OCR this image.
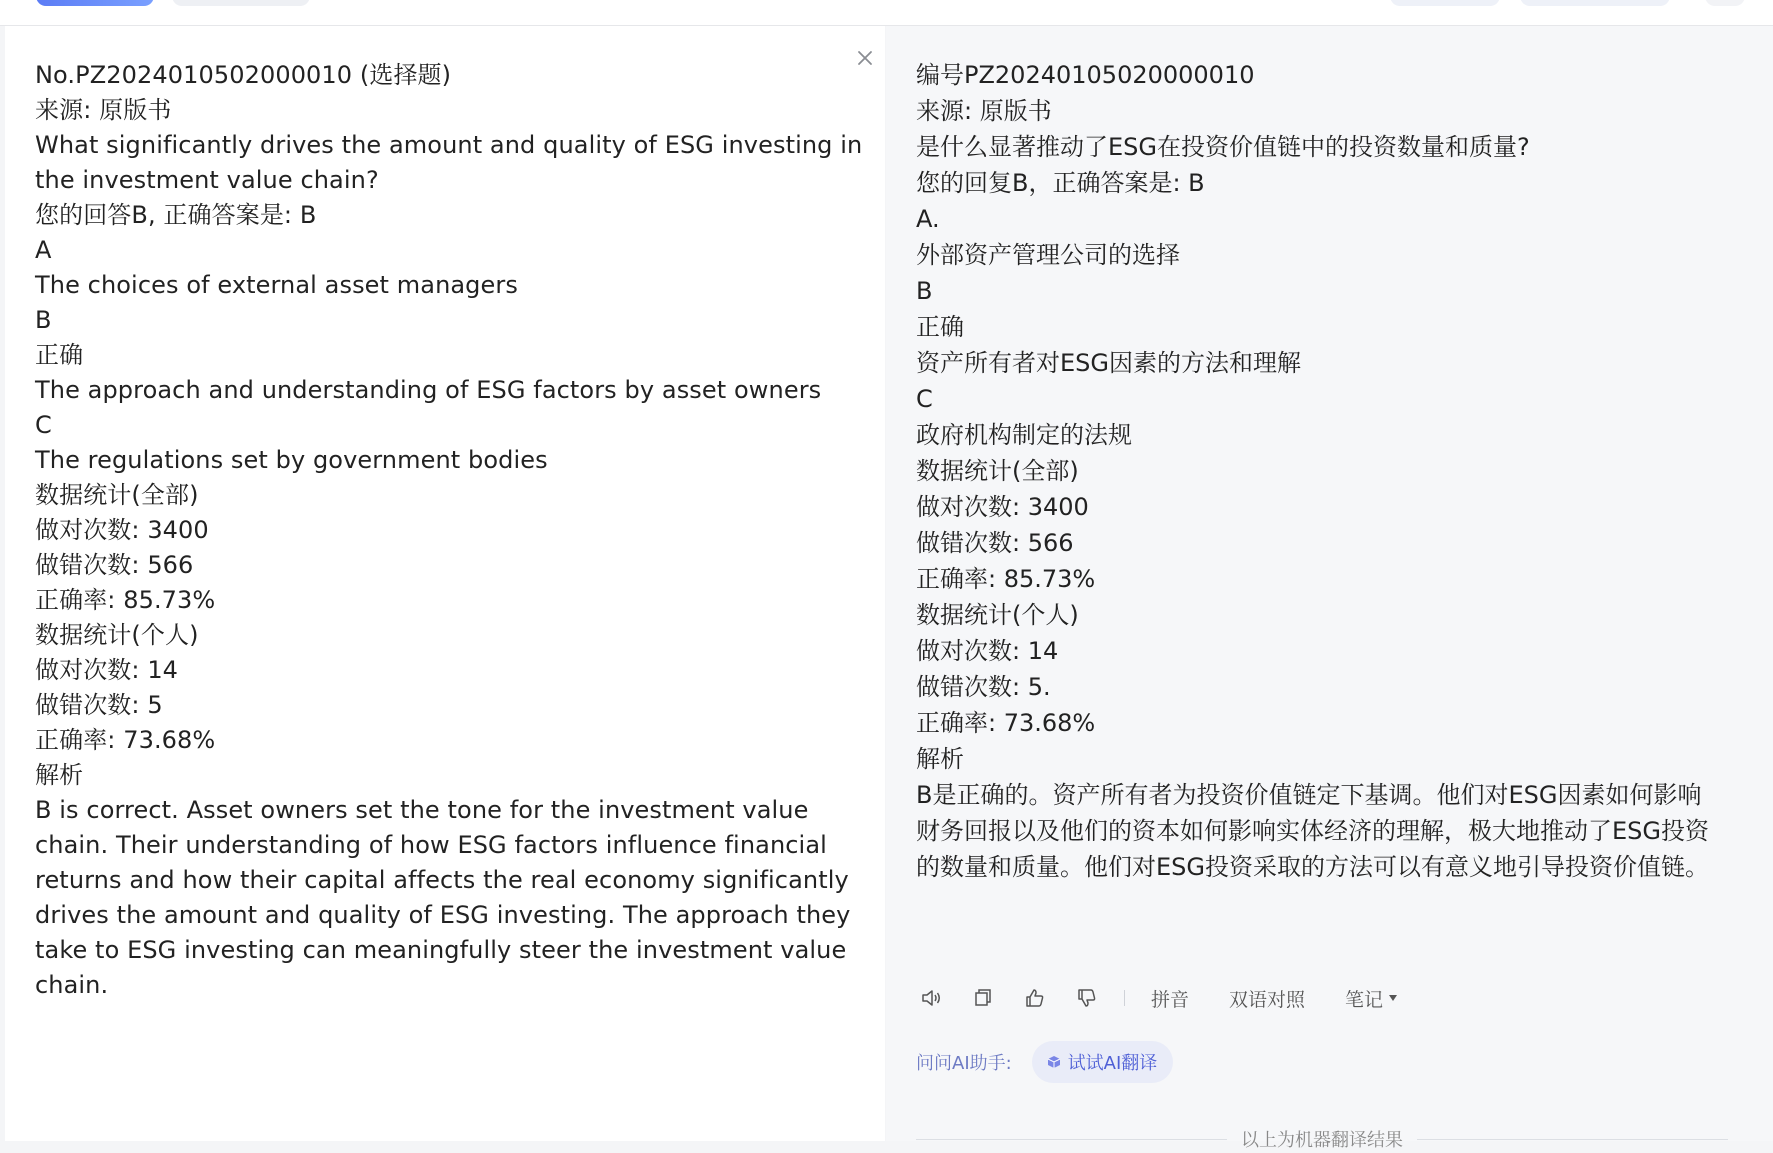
No.PZ2024010502000010 (选择题)
来源: 原版书
What significantly drives the amount and quality of ESG investing in the investment value chain?
您的回答B, 正确答案是: B
A
The choices of external asset managers
B
正确
The approach and understanding of ESG factors by asset owners
C
The regulations set by government bodies
数据统计(全部)
做对次数: 3400
做错次数: 566
正确率: 85.73%
数据统计(个人)
做对次数: 14
做错次数: 5
正确率: 73.68%
解析
B is correct. Asset owners set the tone for the investment value chain. Their understanding of how ESG factors influence financial returns and how their capital affects the real economy significantly drives the amount and quality of ESG investing. The approach they take to ESG investing can meaningfully steer the investment value chain.
编号PZ20240105020000010
来源: 原版书
是什么显著推动了ESG在投资价值链中的投资数量和质量?
您的回复B，正确答案是: B
A.
外部资产管理公司的选择
B
正确
资产所有者对ESG因素的方法和理解
C
政府机构制定的法规
数据统计(全部)
做对次数: 3400
做错次数: 566
正确率: 85.73%
数据统计(个人)
做对次数: 14
做错次数: 5.
正确率: 73.68%
解析
B是正确的。资产所有者为投资价值链定下基调。他们对ESG因素如何影响财务回报以及他们的资本如何影响实体经济的理解，极大地推动了ESG投资的数量和质量。他们对ESG投资采取的方法可以有意义地引导投资价值链。
拼音 双语对照 笔记
问问AI助手:	试试AI翻译
以上为机器翻译结果
